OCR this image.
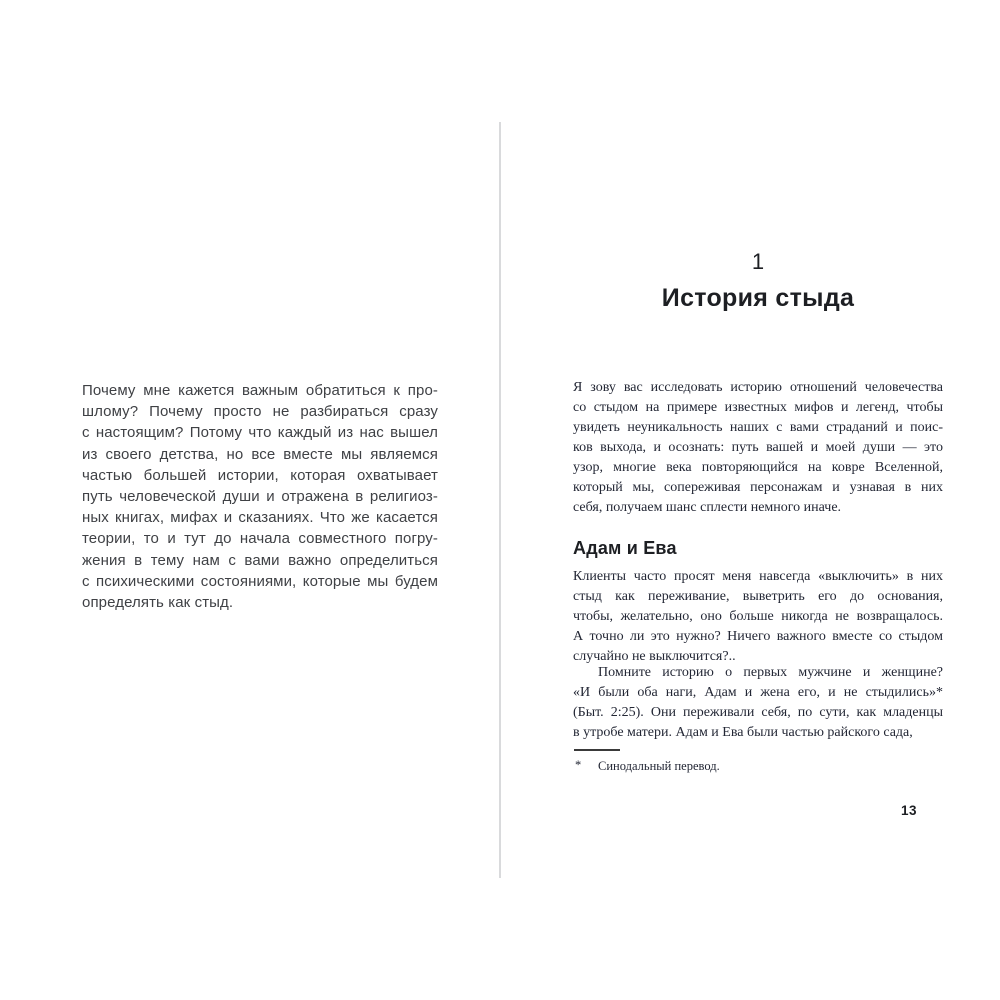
Почему мне кажется важным обратиться к про-
шлому? Почему просто не разбираться сразу
с настоящим? Потому что каждый из нас вышел
из своего детства, но все вместе мы являемся
частью большей истории, которая охватывает
путь человеческой души и отражена в религиоз-
ных книгах, мифах и сказаниях. Что же касается
теории, то и тут до начала совместного погру-
жения в тему нам с вами важно определиться
с психическими состояниями, которые мы будем
определять как стыд.
1
История стыда
Я зову вас исследовать историю отношений человечества
со стыдом на примере известных мифов и легенд, чтобы
увидеть неуникальность наших с вами страданий и поис-
ков выхода, и осознать: путь вашей и моей души — это
узор, многие века повторяющийся на ковре Вселенной,
который мы, сопереживая персонажам и узнавая в них
себя, получаем шанс сплести немного иначе.
Адам и Ева
Клиенты часто просят меня навсегда «выключить» в них
стыд как переживание, выветрить его до основания,
чтобы, желательно, оно больше никогда не возвращалось.
А точно ли это нужно? Ничего важного вместе со стыдом
случайно не выключится?..
Помните историю о первых мужчине и женщине?
«И были оба наги, Адам и жена его, и не стыдились»*
(Быт. 2:25). Они переживали себя, по сути, как младенцы
в утробе матери. Адам и Ева были частью райского сада,
* Синодальный перевод.
13
